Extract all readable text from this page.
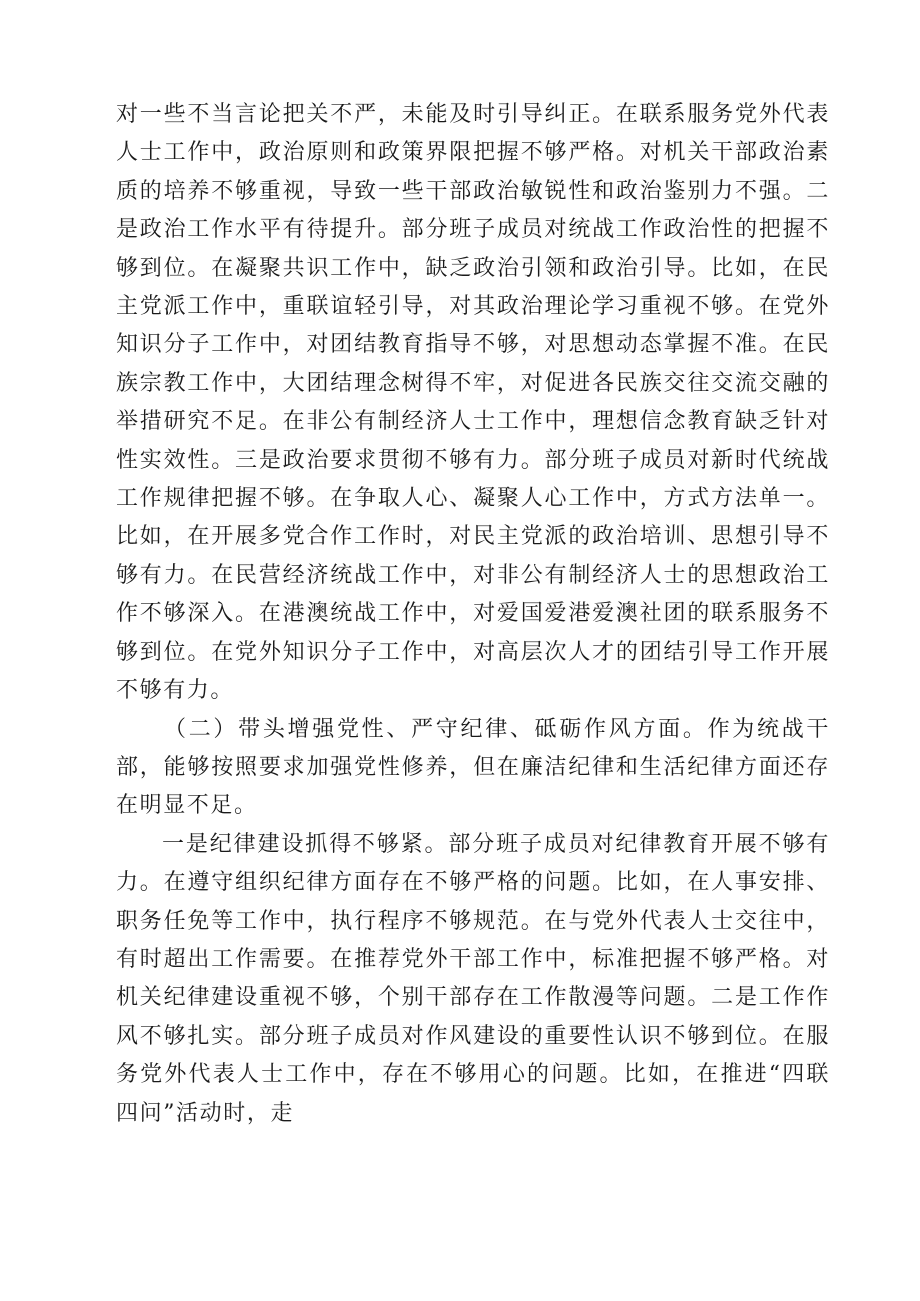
对一些不当言论把关不严，未能及时引导纠正。在联系服务党外代表人士工作中，政治原则和政策界限把握不够严格。对机关干部政治素质的培养不够重视，导致一些干部政治敏锐性和政治鉴别力不强。二是政治工作水平有待提升。部分班子成员对统战工作政治性的把握不够到位。在凝聚共识工作中，缺乏政治引领和政治引导。比如，在民主党派工作中，重联谊轻引导，对其政治理论学习重视不够。在党外知识分子工作中，对团结教育指导不够，对思想动态掌握不准。在民族宗教工作中，大团结理念树得不牢，对促进各民族交往交流交融的举措研究不足。在非公有制经济人士工作中，理想信念教育缺乏针对性实效性。三是政治要求贯彻不够有力。部分班子成员对新时代统战工作规律把握不够。在争取人心、凝聚人心工作中，方式方法单一。比如，在开展多党合作工作时，对民主党派的政治培训、思想引导不够有力。在民营经济统战工作中，对非公有制经济人士的思想政治工作不够深入。在港澳统战工作中，对爱国爱港爱澳社团的联系服务不够到位。在党外知识分子工作中，对高层次人才的团结引导工作开展不够有力。

（二）带头增强党性、严守纪律、砥砺作风方面。作为统战干部，能够按照要求加强党性修养，但在廉洁纪律和生活纪律方面还存在明显不足。

一是纪律建设抓得不够紧。部分班子成员对纪律教育开展不够有力。在遵守组织纪律方面存在不够严格的问题。比如，在人事安排、职务任免等工作中，执行程序不够规范。在与党外代表人士交往中，有时超出工作需要。在推荐党外干部工作中，标准把握不够严格。对机关纪律建设重视不够，个别干部存在工作散漫等问题。二是工作作风不够扎实。部分班子成员对作风建设的重要性认识不够到位。在服务党外代表人士工作中，存在不够用心的问题。比如，在推进“四联四问”活动时，走
